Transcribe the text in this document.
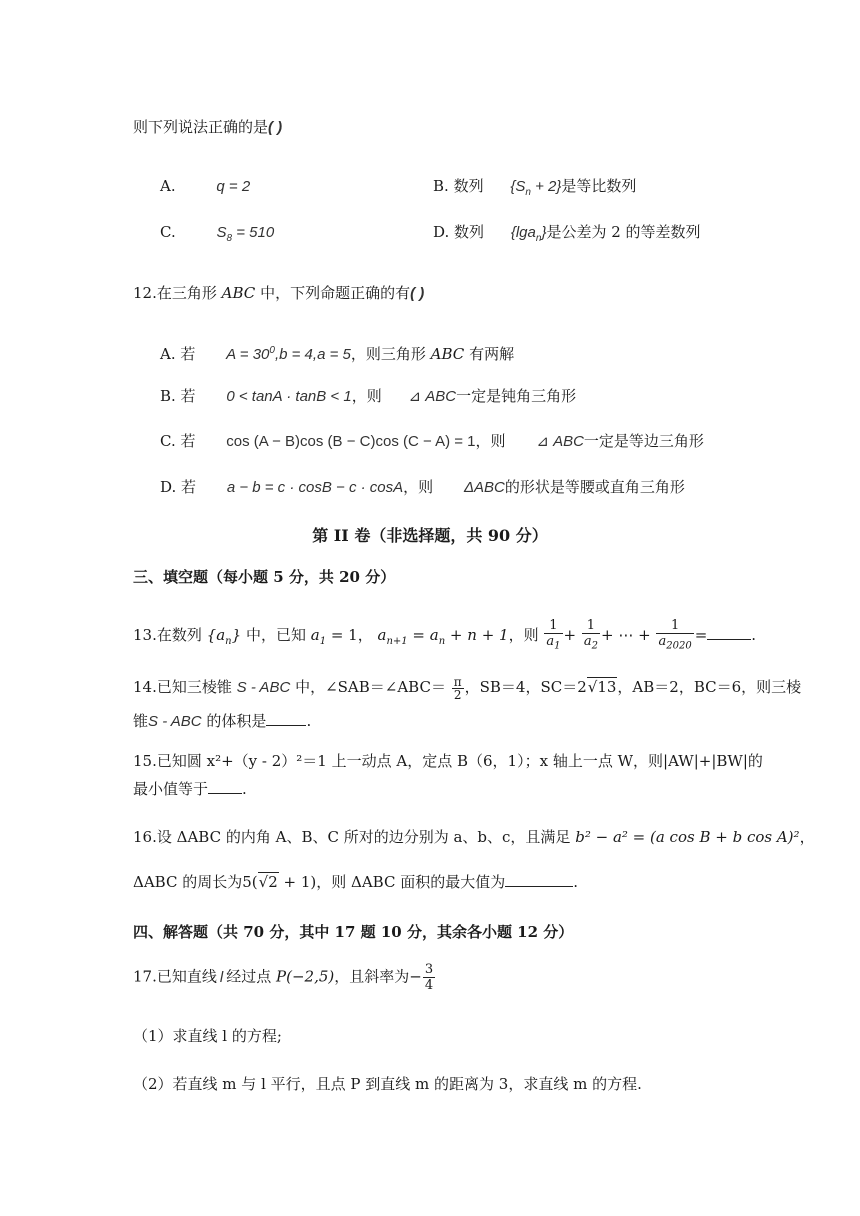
则下列说法正确的是( )
A.	q = 2	B. 数列 $\{S_n + 2\}$是等比数列
C.	$S_8 = 510$	D. 数列 {lga$_n$}是公差为 2 的等差数列
12.在三角形 ABC 中，下列命题正确的有( )
A. 若 $A = 30^0,b = 4,a = 5$，则三角形 ABC 有两解
B. 若 0 < tanA · tanB < 1，则 ⊿ ABC一定是钝角三角形
C. 若 cos (A − B)cos (B − C)cos (C − A) = 1，则 ⊿ ABC一定是等边三角形
D. 若 a − b = c · cosB − c · cosA，则 ΔABC的形状是等腰或直角三角形
第 II 卷（非选择题，共 90 分）
三、填空题（每小题 5 分，共 20 分）
13.在数列 $\{a_n\}$ 中，已知 $a_1 = 1$， $a_{n+1} = a_n + n + 1$，则 $\frac{1}{a_1} + \frac{1}{a_2}$ + ⋯ + $\frac{1}{a_{2020}}$ =	.
14.已知三棱锥 S - ABC 中，∠SAB＝∠ABC＝ $\frac{\pi}{2}$ ，SB＝4，SC＝2√13，AB＝2，BC＝6，则三棱
锥S - ABC 的体积是	.
15.已知圆 x²+（y - 2）²＝1 上一动点 A，定点 B（6，1）；x 轴上一点 W，则|AW|+|BW|的
最小值等于 .
16.设 ΔABC 的内角 A、B、C 所对的边分别为 a、b、c，且满足 b² − a² = (a cos B + b cos A)²，
ΔABC 的周长为5(√2 + 1)，则 ΔABC 面积的最大值为	.
四、解答题（共 70 分，其中 17 题 10 分，其余各小题 12 分）
17.已知直线 l 经过点 P(−2,5)，且斜率为− $\frac{3}{4}$
（1）求直线 l 的方程;
（2）若直线 m 与 l 平行，且点 P 到直线 m 的距离为 3，求直线 m 的方程.
